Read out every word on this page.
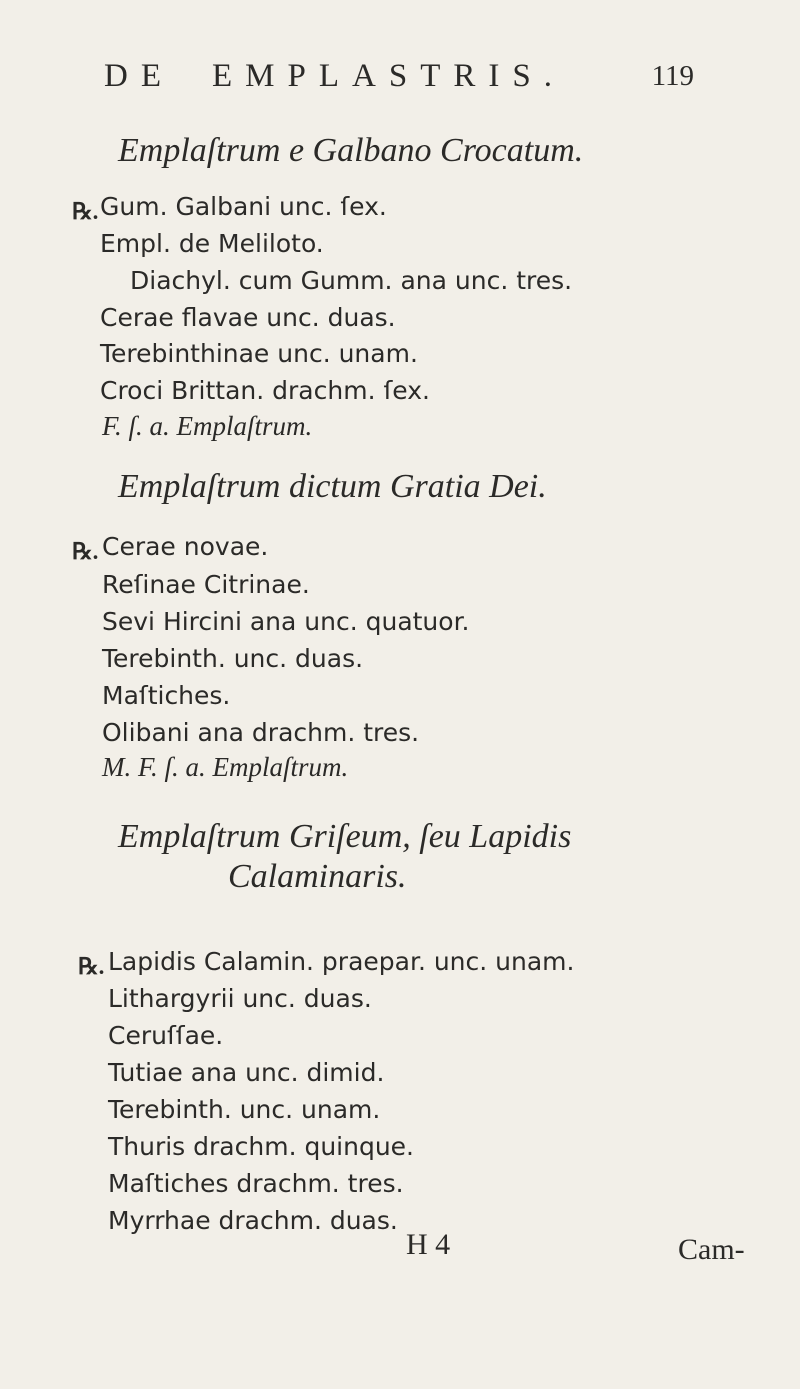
DE EMPLASTRIS.	119
Emplaſtrum e Galbano Crocatum.
℞. Gum. Galbani unc. ſex.
Empl. de Meliloto.
Diachyl. cum Gumm. ana unc. tres.
Cerae flavae unc. duas.
Terebinthinae unc. unam.
Croci Brittan. drachm. ſex.
F. ſ. a. Emplaſtrum.
Emplaſtrum dictum Gratia Dei.
℞. Cerae novae.
Reſinae Citrinae.
Sevi Hircini ana unc. quatuor.
Terebinth. unc. duas.
Maſtiches.
Olibani ana drachm. tres.
M. F. ſ. a. Emplaſtrum.
Emplaſtrum Griſeum, ſeu Lapidis
Calaminaris.
℞. Lapidis Calamin. praepar. unc. unam.
Lithargyrii unc. duas.
Ceruſſae.
Tutiae ana unc. dimid.
Terebinth. unc. unam.
Thuris drachm. quinque.
Maſtiches drachm. tres.
Myrrhae drachm. duas.
H 4	Cam-
